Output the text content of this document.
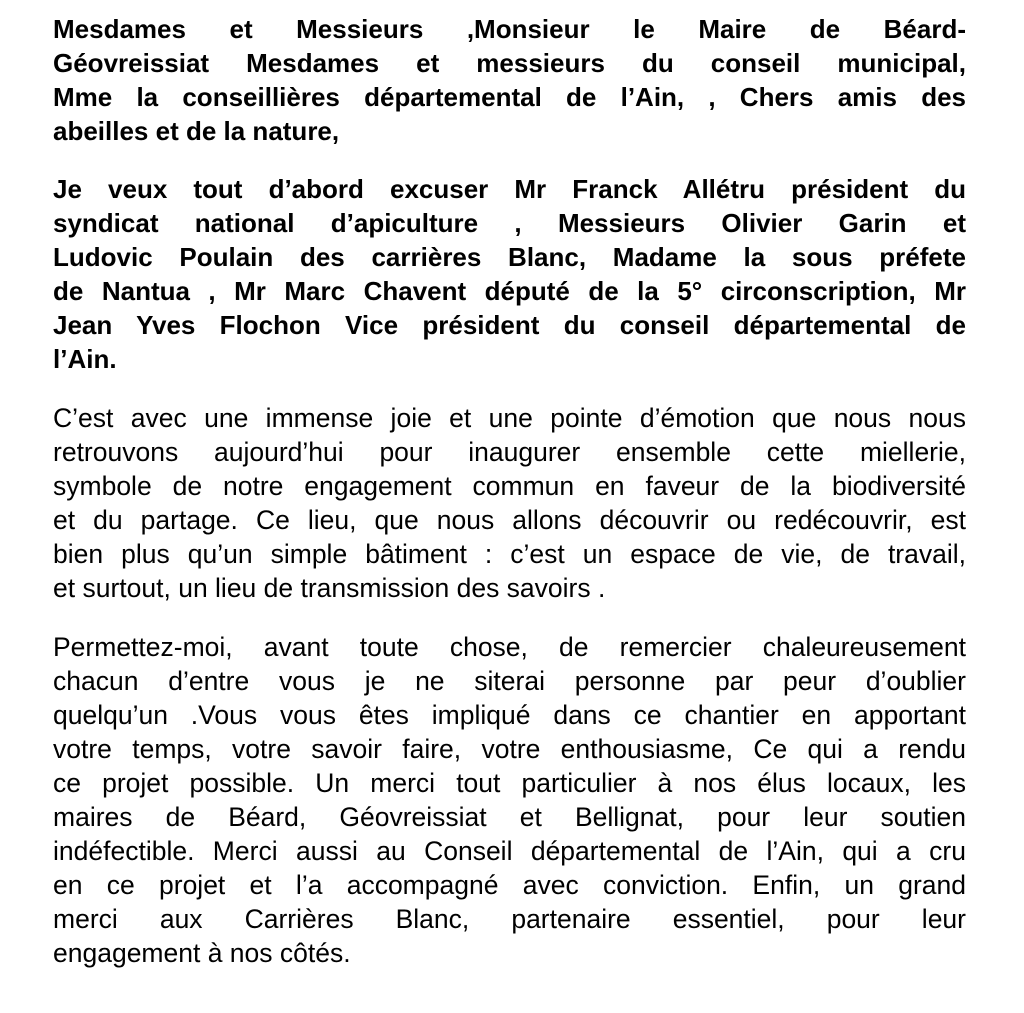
Mesdames et Messieurs ,Monsieur le Maire de Béard-
Géovreissiat Mesdames et messieurs du conseil municipal,
Mme la conseillières départemental de l’Ain, , Chers amis des
abeilles et de la nature,
Je veux tout d’abord excuser Mr Franck Allétru président du
syndicat national d’apiculture , Messieurs Olivier Garin et
Ludovic Poulain des carrières Blanc, Madame la sous préfete
de Nantua , Mr Marc Chavent député de la 5° circonscription, Mr
Jean Yves Flochon Vice président du conseil départemental de
l’Ain.
C’est avec une immense joie et une pointe d’émotion que nous nous
retrouvons aujourd’hui pour inaugurer ensemble cette miellerie,
symbole de notre engagement commun en faveur de la biodiversité
et du partage. Ce lieu, que nous allons découvrir ou redécouvrir, est
bien plus qu’un simple bâtiment : c’est un espace de vie, de travail,
et surtout, un lieu de transmission des savoirs .
Permettez-moi, avant toute chose, de remercier chaleureusement
chacun d’entre vous je ne siterai personne par peur d’oublier
quelqu’un .Vous vous êtes impliqué dans ce chantier en apportant
votre temps, votre savoir faire, votre enthousiasme, Ce qui a rendu
ce projet possible. Un merci tout particulier à nos élus locaux, les
maires de Béard, Géovreissiat et Bellignat, pour leur soutien
indéfectible. Merci aussi au Conseil départemental de l’Ain, qui a cru
en ce projet et l’a accompagné avec conviction. Enfin, un grand
merci aux Carrières Blanc, partenaire essentiel, pour leur
engagement à nos côtés.
